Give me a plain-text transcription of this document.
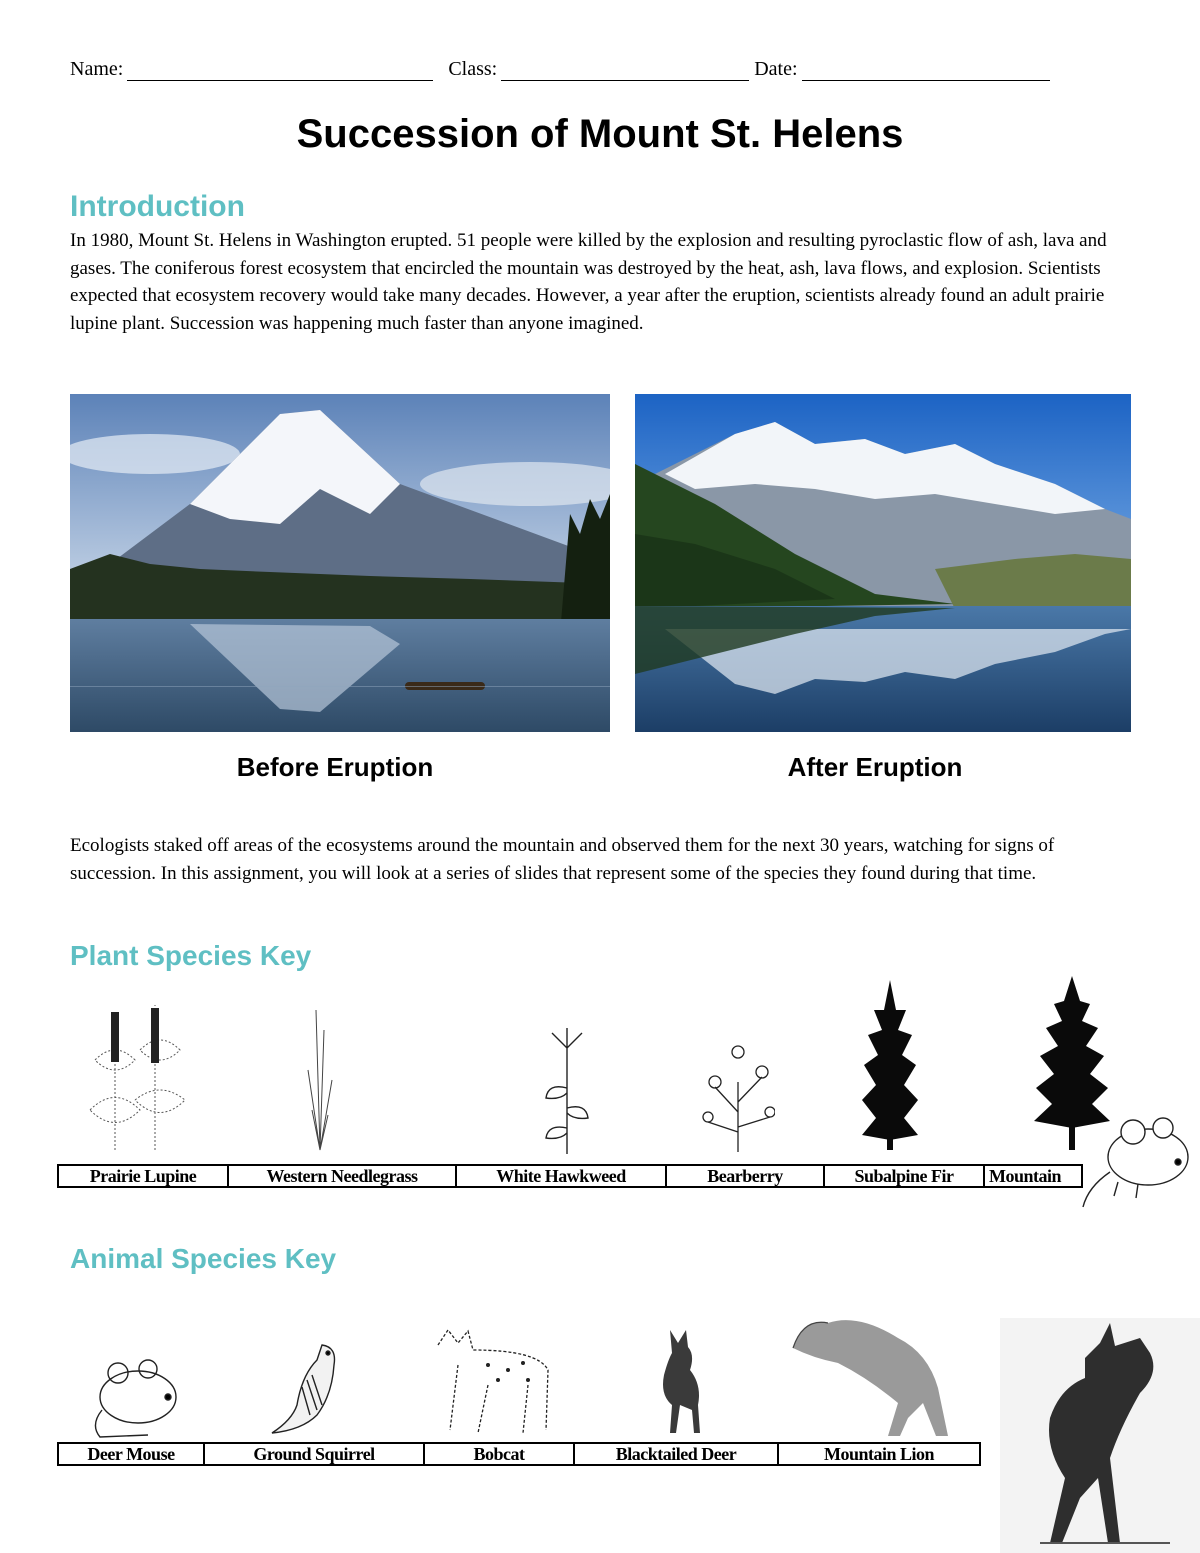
Name:	Class:	Date:
Succession of Mount St. Helens
Introduction

In 1980, Mount St. Helens in Washington erupted. 51 people were killed by the explosion and resulting pyroclastic flow of ash, lava and gases. The coniferous forest ecosystem that encircled the mountain was destroyed by the heat, ash, lava flows, and explosion. Scientists expected that ecosystem recovery would take many decades. However, a year after the eruption, scientists already found an adult prairie lupine plant. Succession was happening much faster than anyone imagined.

Before Eruption	After Eruption

Ecologists staked off areas of the ecosystems around the mountain and observed them for the next 30 years, watching for signs of succession. In this assignment, you will look at a series of slides that represent some of the species they found during that time.

Plant Species Key
Prairie Lupine	Western Needlegrass	White Hawkweed	Bearberry	Subalpine Fir	Mountain
Animal Species Key
Deer Mouse	Ground Squirrel	Bobcat	Blacktailed Deer	Mountain Lion
